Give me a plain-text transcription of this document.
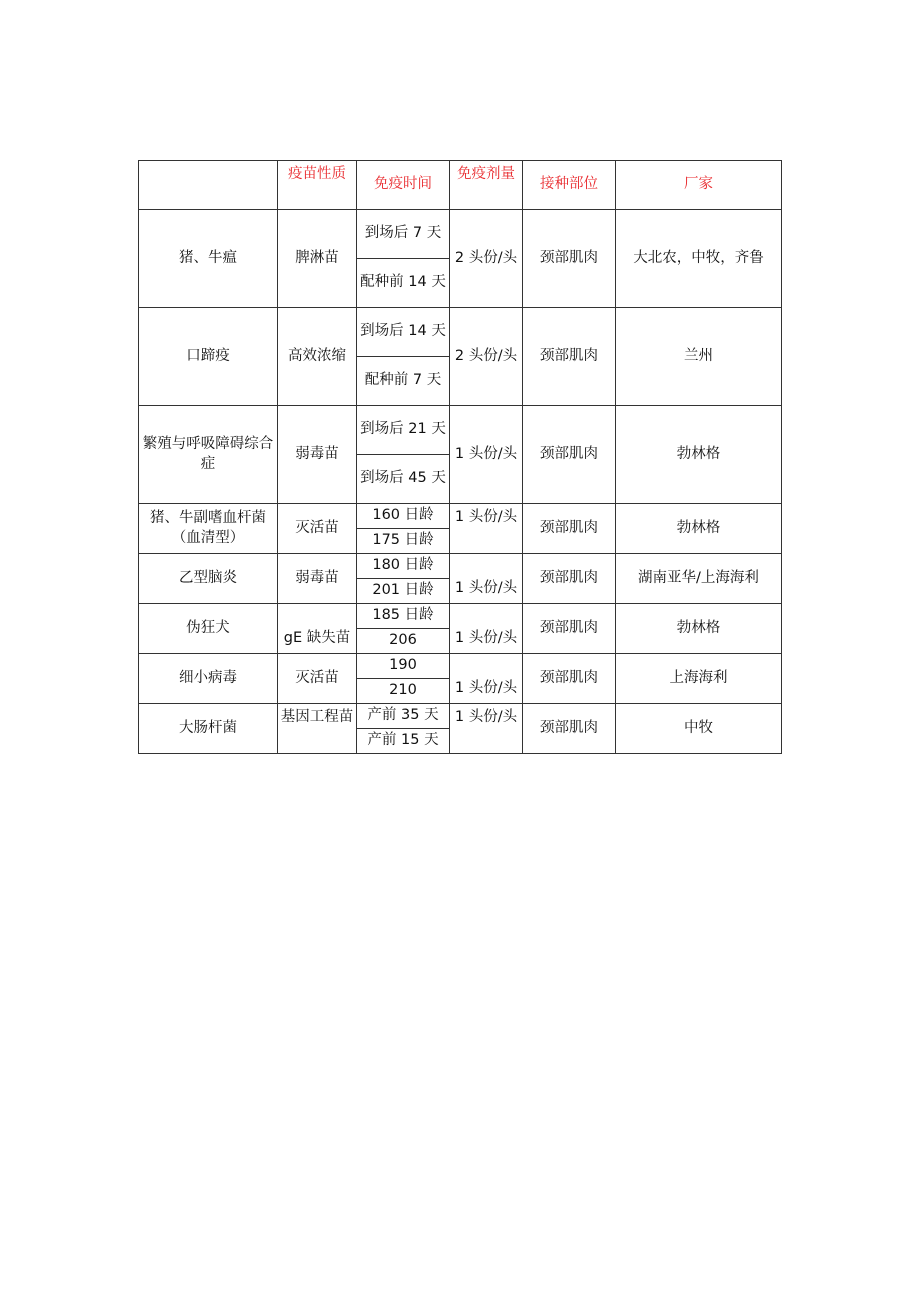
	疫苗性质	免疫时间	免疫剂量	接种部位	厂家
猪、牛瘟	脾淋苗	到场后 7 天
配种前 14 天	2 头份/头	颈部肌肉	大北农，中牧，齐鲁
口蹄疫	高效浓缩	到场后 14 天
配种前 7 天	2 头份/头	颈部肌肉	兰州
繁殖与呼吸障碍综合症	弱毒苗	到场后 21 天
到场后 45 天	1 头份/头	颈部肌肉	勃林格
猪、牛副嗜血杆菌（血清型）	灭活苗	160 日龄
175 日龄	1 头份/头	颈部肌肉	勃林格
乙型脑炎	弱毒苗	180 日龄
201 日龄	1 头份/头	颈部肌肉	湖南亚华/上海海利
伪狂犬	gE 缺失苗	185 日龄
206	1 头份/头	颈部肌肉	勃林格
细小病毒	灭活苗	190
210	1 头份/头	颈部肌肉	上海海利
大肠杆菌	基因工程苗	产前 35 天
产前 15 天	1 头份/头	颈部肌肉	中牧
